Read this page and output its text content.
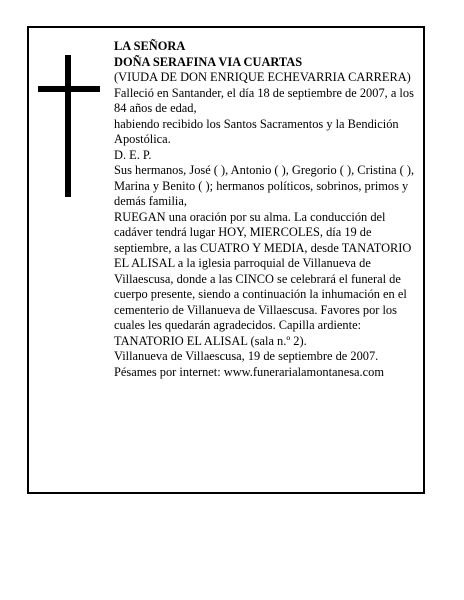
LA SEÑORA

DOÑA SERAFINA VIA CUARTAS

(VIUDA DE DON ENRIQUE ECHEVARRIA CARRERA)

Falleció en Santander, el día 18 de septiembre de 2007, a los 84 años de edad,

habiendo recibido los Santos Sacramentos y la Bendición Apostólica.

D. E. P.

Sus hermanos, José ( ), Antonio ( ), Gregorio ( ), Cristina ( ), Marina y Benito ( ); hermanos políticos, sobrinos, primos y demás familia,

RUEGAN una oración por su alma. La conducción del cadáver tendrá lugar HOY, MIERCOLES, día 19 de septiembre, a las CUATRO Y MEDIA, desde TANATORIO EL ALISAL a la iglesia parroquial de Villanueva de Villaescusa, donde a las CINCO se celebrará el funeral de cuerpo presente, siendo a continuación la inhumación en el cementerio de Villanueva de Villaescusa. Favores por los cuales les quedarán agradecidos. Capilla ardiente: TANATORIO EL ALISAL (sala n.º 2).

Villanueva de Villaescusa, 19 de septiembre de 2007.

Pésames por internet: www.funerarialamontanesa.com
